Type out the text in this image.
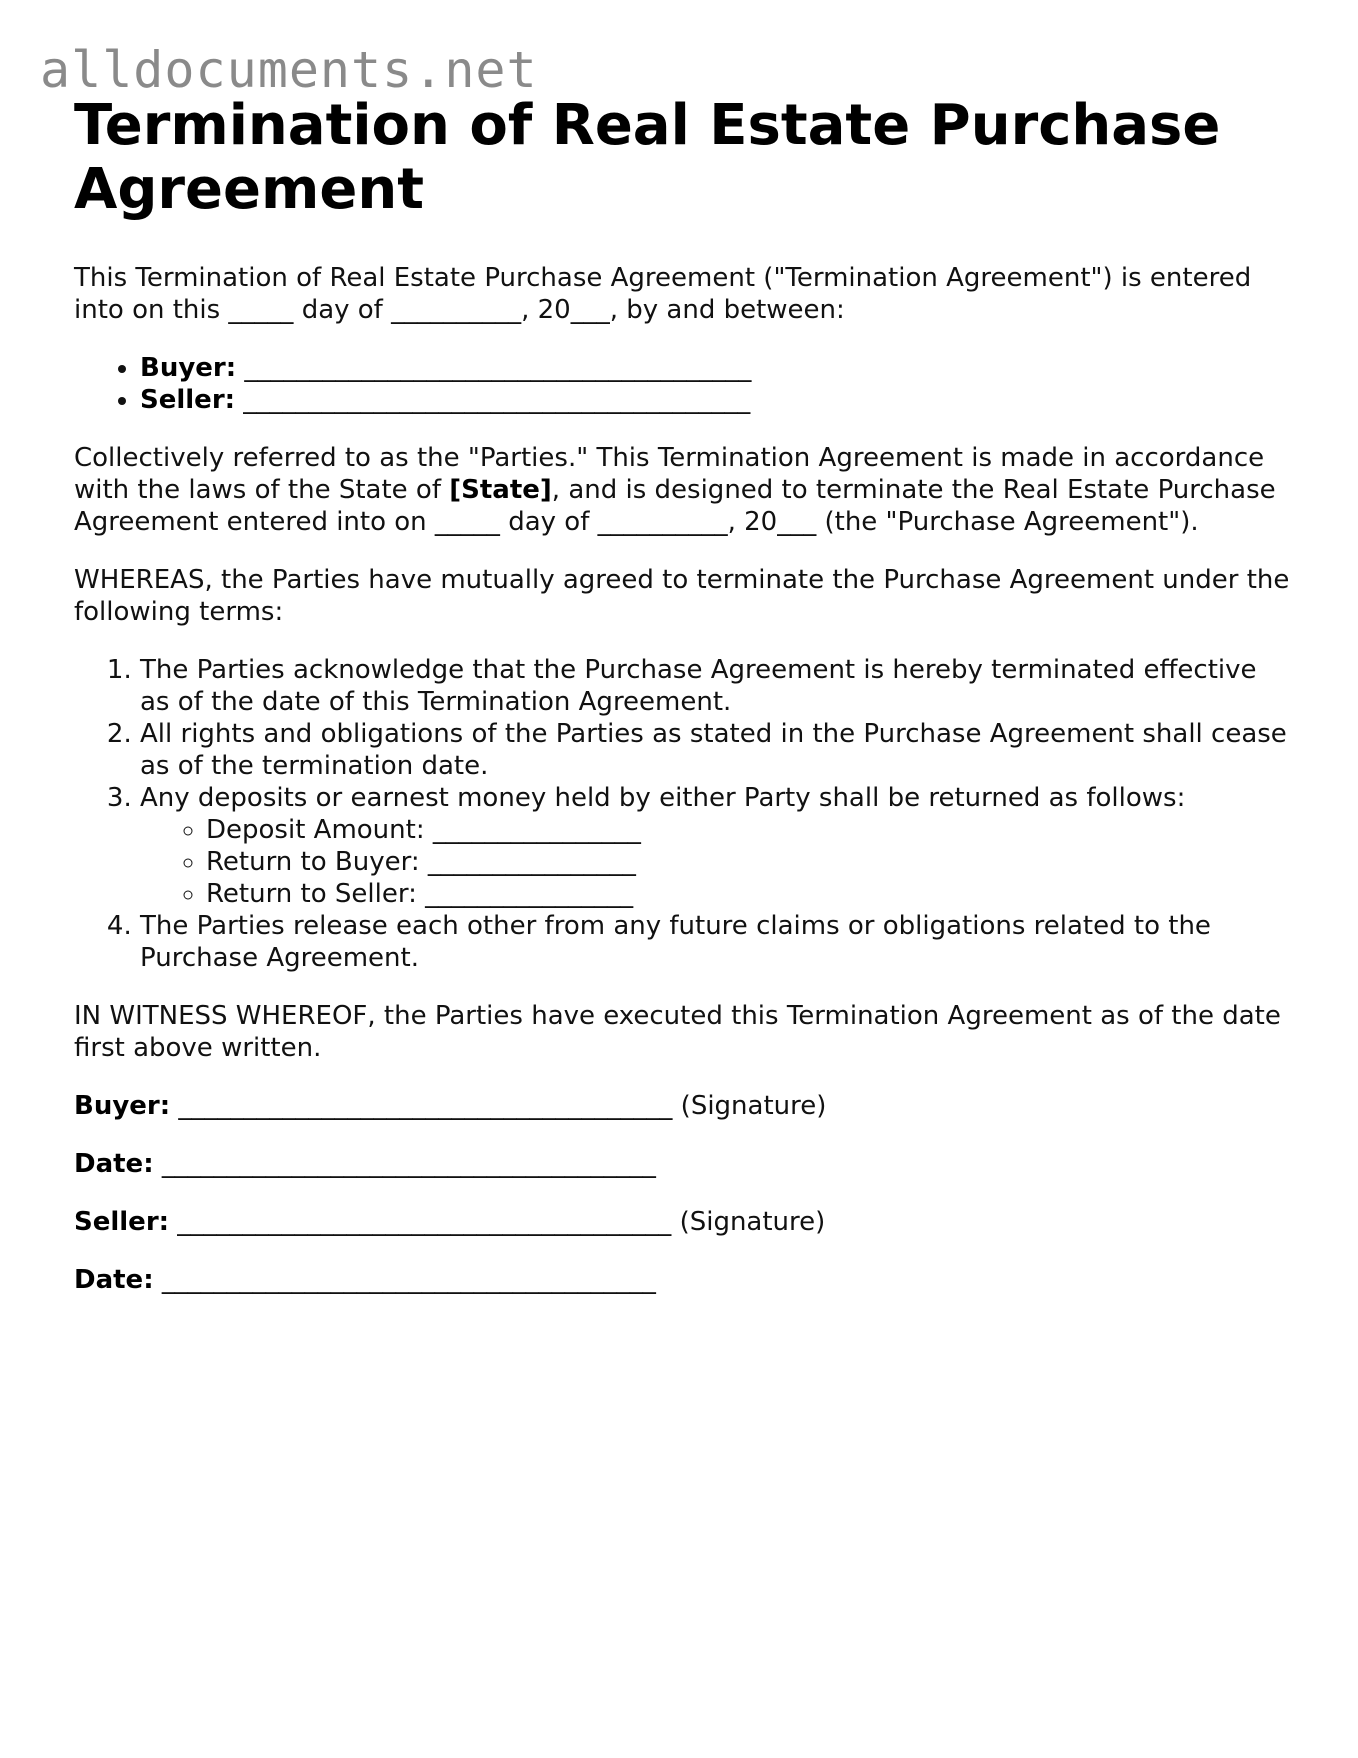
alldocuments.net
Termination of Real Estate Purchase Agreement

This Termination of Real Estate Purchase Agreement ("Termination Agreement") is entered into on this _____ day of __________, 20___, by and between:

• Buyer: _______________________________________
• Seller: _______________________________________

Collectively referred to as the "Parties." This Termination Agreement is made in accordance with the laws of the State of [State], and is designed to terminate the Real Estate Purchase Agreement entered into on _____ day of __________, 20___ (the "Purchase Agreement").

WHEREAS, the Parties have mutually agreed to terminate the Purchase Agreement under the following terms:

1. The Parties acknowledge that the Purchase Agreement is hereby terminated effective as of the date of this Termination Agreement.
2. All rights and obligations of the Parties as stated in the Purchase Agreement shall cease as of the termination date.
3. Any deposits or earnest money held by either Party shall be returned as follows:
◦ Deposit Amount: ________________
◦ Return to Buyer: ________________
◦ Return to Seller: ________________
4. The Parties release each other from any future claims or obligations related to the Purchase Agreement.

IN WITNESS WHEREOF, the Parties have executed this Termination Agreement as of the date first above written.

Buyer: ______________________________________ (Signature)
Date: ______________________________________
Seller: ______________________________________ (Signature)
Date: ______________________________________
